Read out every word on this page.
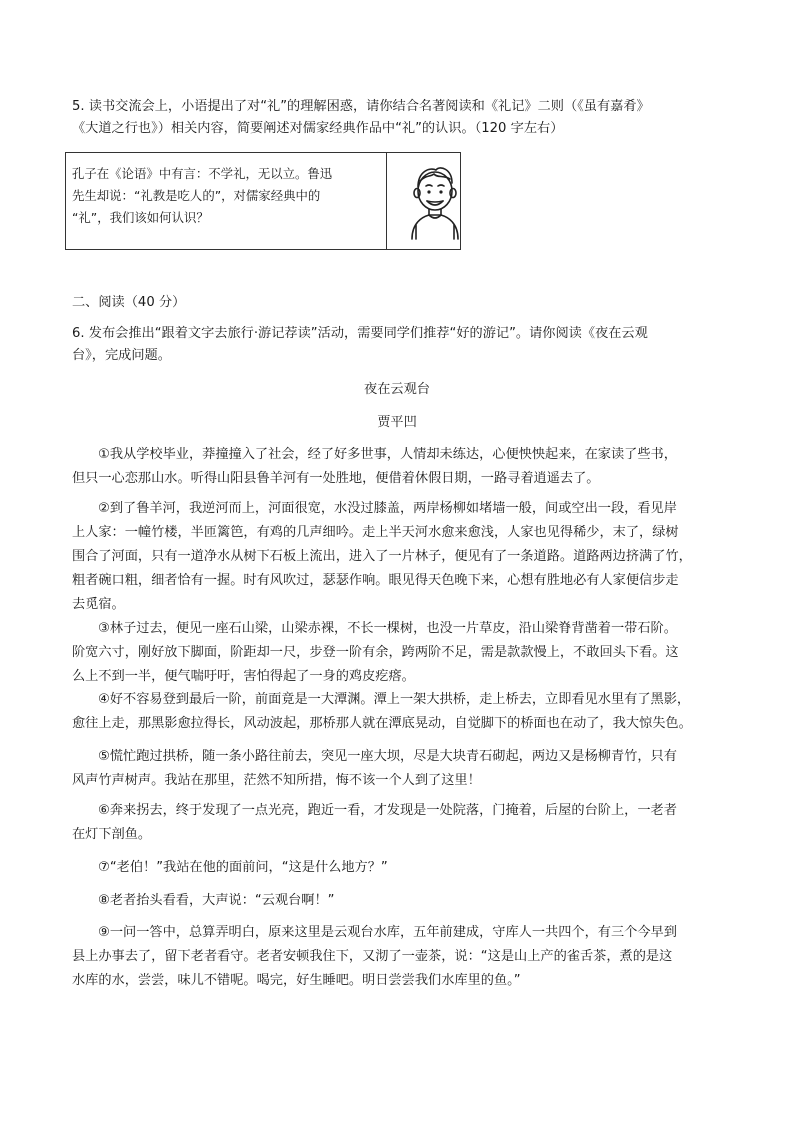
5. 读书交流会上，小语提出了对“礼”的理解困惑，请你结合名著阅读和《礼记》二则（《虽有嘉肴》
《大道之行也》）相关内容，简要阐述对儒家经典作品中“礼”的认识。（120 字左右）
孔子在《论语》中有言：不学礼，无以立。鲁迅
先生却说：“礼教是吃人的”，对儒家经典中的
“礼”，我们该如何认识？
二、阅读（40 分）
6. 发布会推出“跟着文字去旅行·游记荐读”活动，需要同学们推荐“好的游记”。请你阅读《夜在云观
台》，完成问题。
夜在云观台
贾平凹
①我从学校毕业，莽撞撞入了社会，经了好多世事，人情却未练达，心便怏怏起来，在家读了些书，
但只一心恋那山水。听得山阳县鲁羊河有一处胜地，便借着休假日期，一路寻着逍遥去了。
②到了鲁羊河，我逆河而上，河面很宽，水没过膝盖，两岸杨柳如堵墙一般，间或空出一段，看见岸
上人家：一幢竹楼，半匝篱笆，有鸡的几声细吟。走上半天河水愈来愈浅，人家也见得稀少，末了，绿树
围合了河面，只有一道净水从树下石板上流出，进入了一片林子，便见有了一条道路。道路两边挤满了竹，
粗者碗口粗，细者恰有一握。时有风吹过，瑟瑟作响。眼见得天色晚下来，心想有胜地必有人家便信步走
去觅宿。
③林子过去，便见一座石山梁，山梁赤裸，不长一棵树，也没一片草皮，沿山梁脊背凿着一带石阶。
阶宽六寸，刚好放下脚面，阶距却一尺，步登一阶有余，跨两阶不足，需是款款慢上，不敢回头下看。这
么上不到一半，便气喘吁吁，害怕得起了一身的鸡皮疙瘩。
④好不容易登到最后一阶，前面竟是一大潭渊。潭上一架大拱桥，走上桥去，立即看见水里有了黑影，
愈往上走，那黑影愈拉得长，风动波起，那桥那人就在潭底晃动，自觉脚下的桥面也在动了，我大惊失色。
⑤慌忙跑过拱桥，随一条小路往前去，突见一座大坝，尽是大块青石砌起，两边又是杨柳青竹，只有
风声竹声树声。我站在那里，茫然不知所措，悔不该一个人到了这里！
⑥奔来拐去，终于发现了一点光亮，跑近一看，才发现是一处院落，门掩着，后屋的台阶上，一老者
在灯下剖鱼。
⑦“老伯！”我站在他的面前问，“这是什么地方？”
⑧老者抬头看看，大声说：“云观台啊！”
⑨一问一答中，总算弄明白，原来这里是云观台水库，五年前建成，守库人一共四个，有三个今早到
县上办事去了，留下老者看守。老者安顿我住下，又沏了一壶茶，说：“这是山上产的雀舌茶，煮的是这
水库的水，尝尝，味儿不错呢。喝完，好生睡吧。明日尝尝我们水库里的鱼。”
